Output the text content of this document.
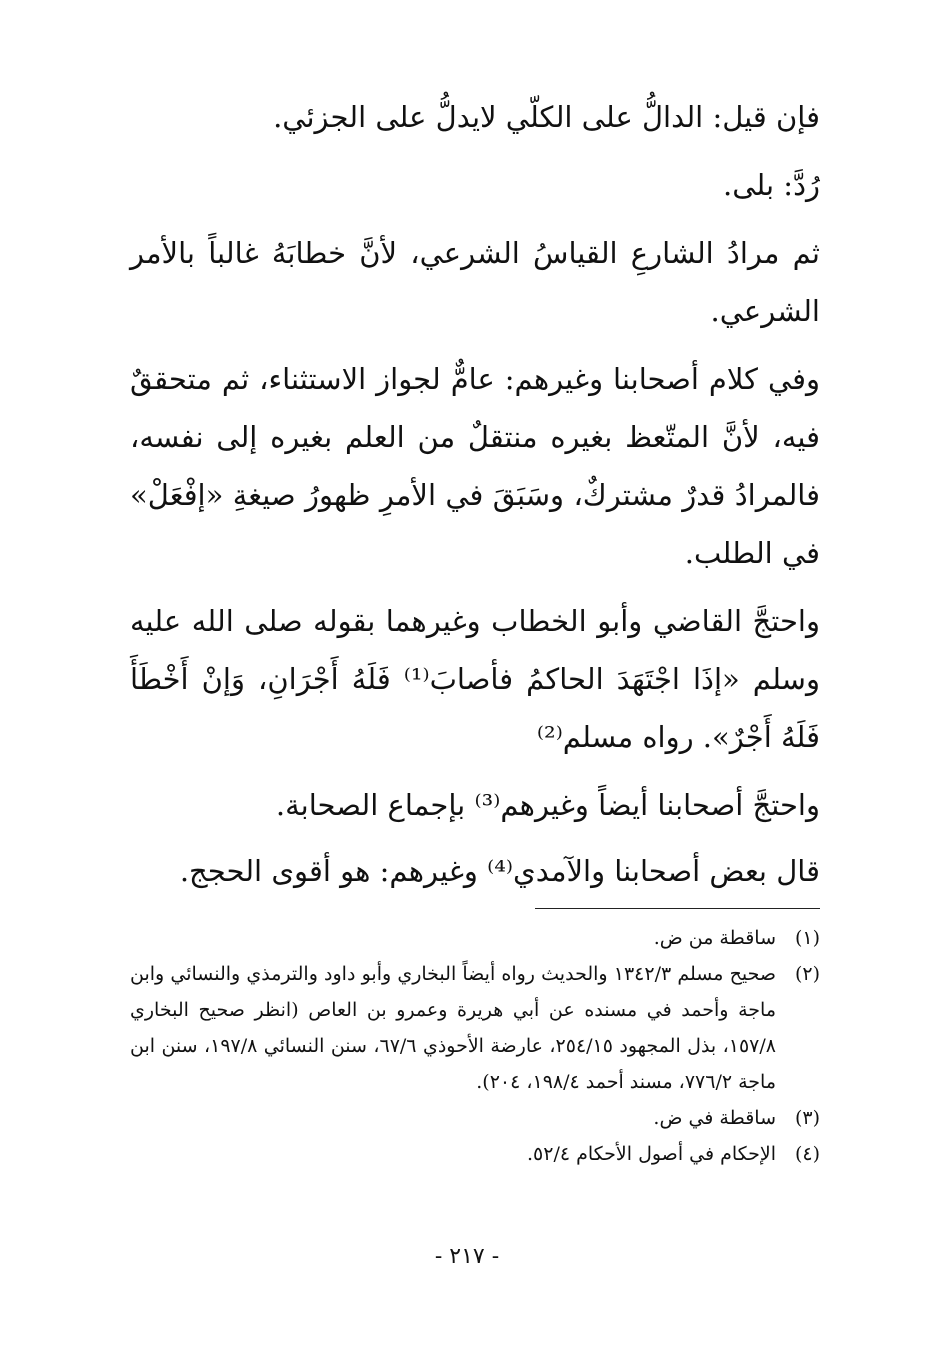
فإن قيل: الدالُّ على الكلّي لايدلُّ على الجزئي.

رُدَّ: بلى.

ثم مرادُ الشارعِ القياسُ الشرعي، لأنَّ خطابَهُ غالباً بالأمر الشرعي.

وفي كلام أصحابنا وغيرهم: عامٌّ لجواز الاستثناء، ثم متحققٌ فيه، لأنَّ المتّعظ بغيره منتقلٌ من العلم بغيره إلى نفسه، فالمرادُ قدرٌ مشتركٌ، وسَبَقَ في الأمرِ ظهورُ صيغةِ «إفْعَلْ» في الطلب.

واحتجَّ القاضي وأبو الخطاب وغيرهما بقوله صلى الله عليه وسلم «إذَا اجْتَهَدَ الحاكمُ فأصابَ⁽¹⁾ فَلَهُ أَجْرَانِ، وَإنْ أَخْطَأَ فَلَهُ أَجْرٌ». رواه مسلم⁽²⁾

واحتجَّ أصحابنا أيضاً وغيرهم⁽³⁾ بإجماع الصحابة.

قال بعض أصحابنا والآمدي⁽⁴⁾ وغيرهم: هو أقوى الحجج.

(١)
ساقطة من ض.
(٢)
صحيح مسلم ١٣٤٢/٣ والحديث رواه أيضاً البخاري وأبو داود والترمذي والنسائي وابن ماجة وأحمد في مسنده عن أبي هريرة وعمرو بن العاص (انظر صحيح البخاري ١٥٧/٨، بذل المجهود ٢٥٤/١٥، عارضة الأحوذي ٦٧/٦، سنن النسائي ١٩٧/٨، سنن ابن ماجة ٧٧٦/٢، مسند أحمد ١٩٨/٤، ٢٠٤).
(٣)
ساقطة في ض.
(٤)
الإحكام في أصول الأحكام ٥٢/٤.
- ٢١٧ -
